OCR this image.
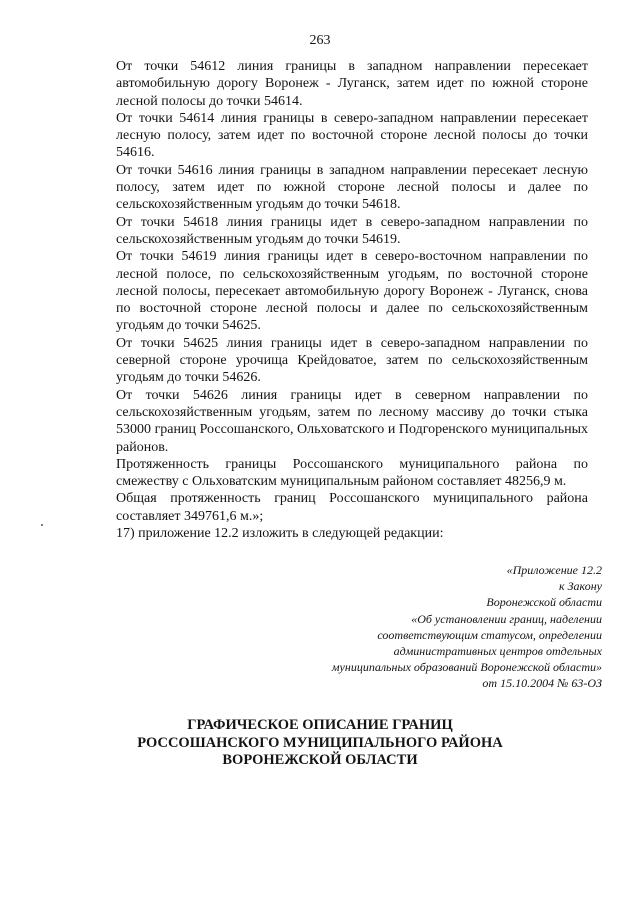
263

От точки 54612 линия границы в западном направлении пересекает автомобильную дорогу Воронеж - Луганск, затем идет по южной стороне лесной полосы до точки 54614.

От точки 54614 линия границы в северо-западном направлении пересекает лесную полосу, затем идет по восточной стороне лесной полосы до точки 54616.

От точки 54616 линия границы в западном направлении пересекает лесную полосу, затем идет по южной стороне лесной полосы и далее по сельскохозяйственным угодьям до точки 54618.

От точки 54618 линия границы идет в северо-западном направлении по сельскохозяйственным угодьям до точки 54619.

От точки 54619 линия границы идет в северо-восточном направлении по лесной полосе, по сельскохозяйственным угодьям, по восточной стороне лесной полосы, пересекает автомобильную дорогу Воронеж - Луганск, снова по восточной стороне лесной полосы и далее по сельскохозяйственным угодьям до точки 54625.

От точки 54625 линия границы идет в северо-западном направлении по северной стороне урочища Крейдоватое, затем по сельскохозяйственным угодьям до точки 54626.

От точки 54626 линия границы идет в северном направлении по сельскохозяйственным угодьям, затем по лесному массиву до точки стыка 53000 границ Россошанского, Ольховатского и Подгоренского муниципальных районов.

Протяженность границы Россошанского муниципального района по смежеству с Ольховатским муниципальным районом составляет 48256,9 м.

Общая протяженность границ Россошанского муниципального района составляет 349761,6 м.»;

17) приложение 12.2 изложить в следующей редакции:

«Приложение 12.2
к Закону
Воронежской области
«Об установлении границ, наделении
соответствующим статусом, определении
административных центров отдельных
муниципальных образований Воронежской области»
от 15.10.2004 № 63-ОЗ
ГРАФИЧЕСКОЕ ОПИСАНИЕ ГРАНИЦ
РОССОШАНСКОГО МУНИЦИПАЛЬНОГО РАЙОНА
ВОРОНЕЖСКОЙ ОБЛАСТИ
